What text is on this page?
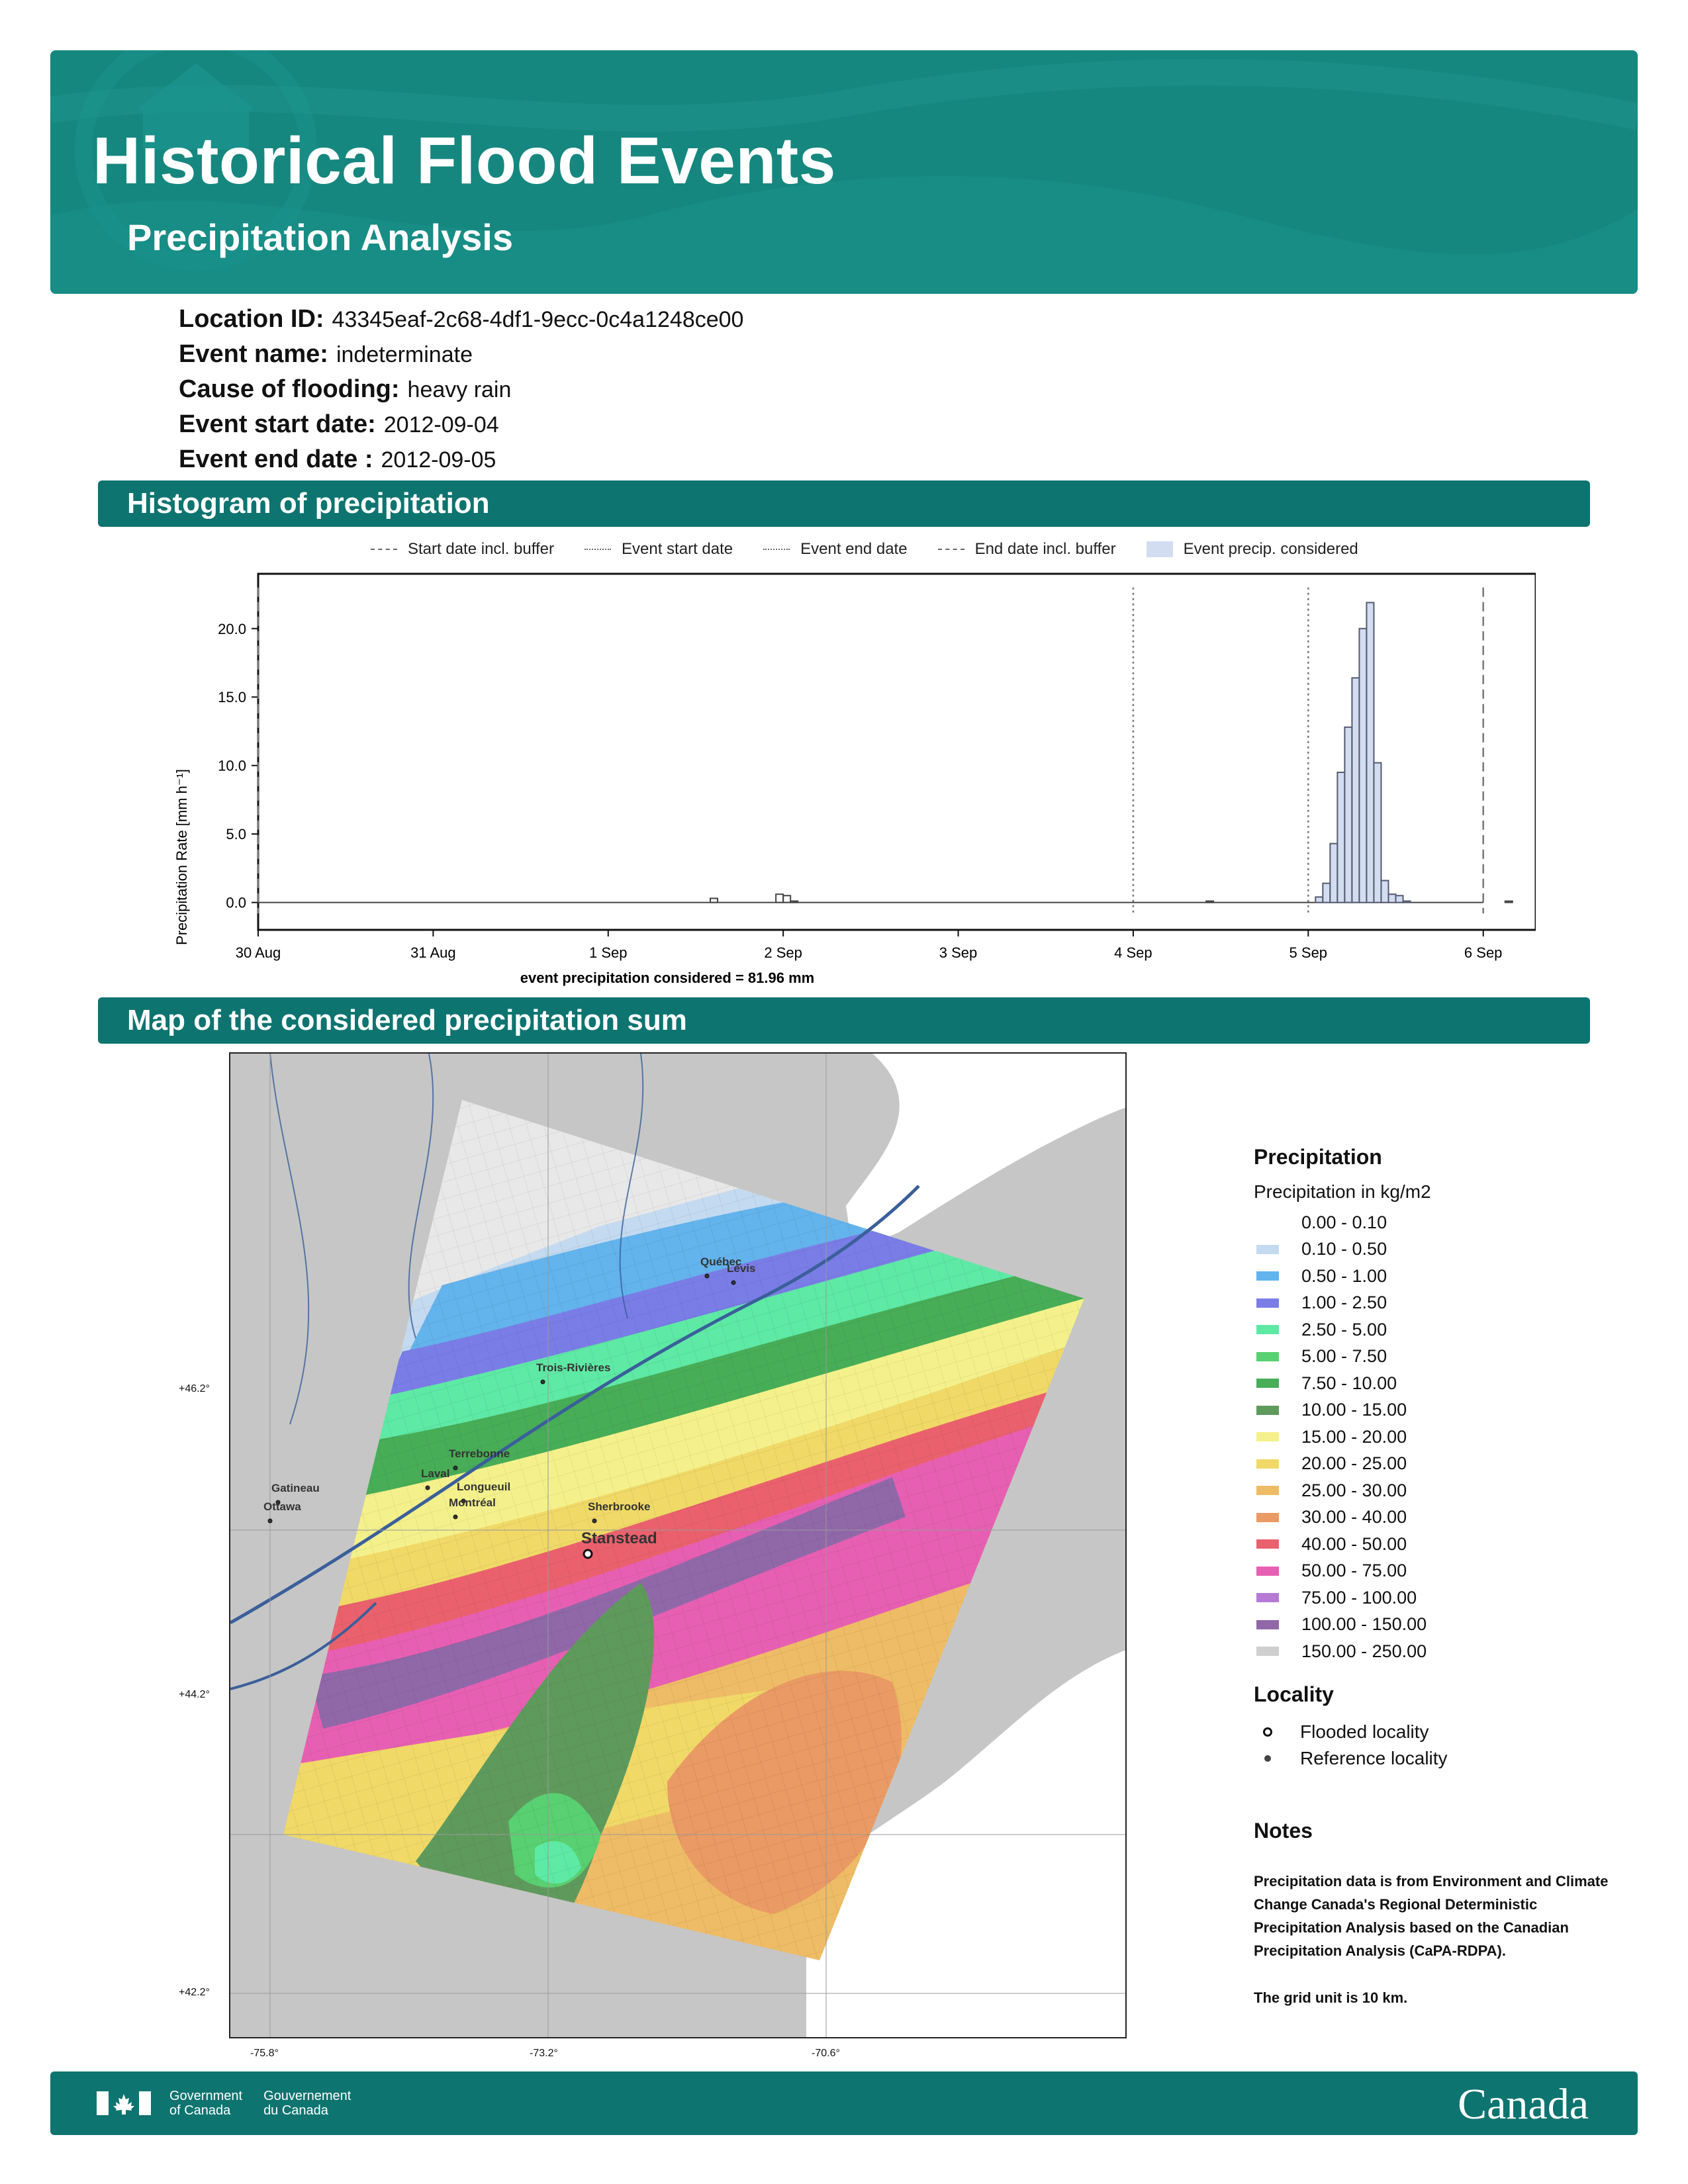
Historical Flood Events
Precipitation Analysis
Location ID: 43345eaf-2c68-4df1-9ecc-0c4a1248ce00
Event name: indeterminate
Cause of flooding: heavy rain
Event start date: 2012-09-04
Event end date : 2012-09-05
Histogram of precipitation
Start date incl. buffer	Event start date	Event end date	End date incl. buffer	Event precip. considered
0.0
5.0
10.0
15.0
20.0
30 Aug	31 Aug	1 Sep	2 Sep	3 Sep	4 Sep	5 Sep	6 Sep
Precipitation Rate [mm h⁻¹]
event precipitation considered = 81.96 mm
Map of the considered precipitation sum
Québec
Lévis
Trois-Rivières
Terrebonne
Laval
Longueuil
Montréal
Gatineau
Ottawa	Sherbrooke
Stanstead
+46.2°
+44.2°
+42.2°
-75.8°	-73.2°	-70.6°
Precipitation
Precipitation in kg/m2
0.00 - 0.10
0.10 - 0.50
0.50 - 1.00
1.00 - 2.50
2.50 - 5.00
5.00 - 7.50
7.50 - 10.00
10.00 - 15.00
15.00 - 20.00
20.00 - 25.00
25.00 - 30.00
30.00 - 40.00
40.00 - 50.00
50.00 - 75.00
75.00 - 100.00
100.00 - 150.00
150.00 - 250.00
Locality
Flooded locality
Reference locality
Notes

Precipitation data is from Environment and Climate Change Canada's Regional Deterministic Precipitation Analysis based on the Canadian Precipitation Analysis (CaPA-RDPA).

The grid unit is 10 km.

Government
of Canada
Gouvernement
du Canada	Canada
